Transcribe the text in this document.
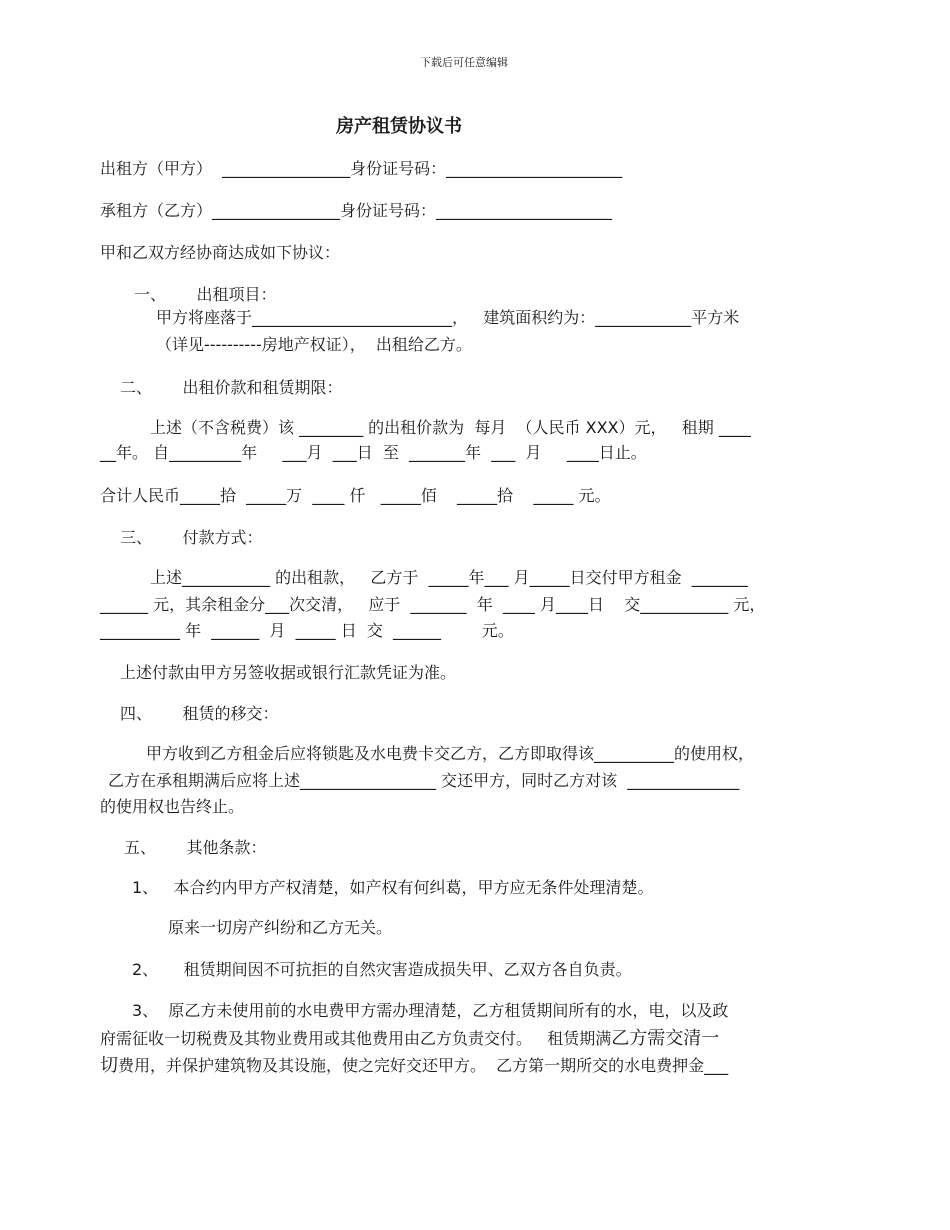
下载后可任意编辑
房产租赁协议书
出租方（甲方）  ________________身份证号码：______________________
承租方（乙方）________________身份证号码：______________________
甲和乙双方经协商达成如下协议：
一、      出租项目：
甲方将座落于_________________________，   建筑面积约为：____________平方米
（详见----------房地产权证），  出租给乙方。
二、      出租价款和租赁期限：
上述（不含税费）该 ________ 的出租价款为  每月  （人民币 XXX）元，   租期 ____
__年。 自_________年     ___月  ___日  至  _______年  ___  月     ____日止。
合计人民币_____拾  _____万  ____ 仟   _____佰    _____拾    _____ 元。
三、      付款方式：
上述___________ 的出租款，   乙方于  _____年___ 月_____日交付甲方租金  _______
______ 元，其余租金分___次交清，   应于  _______  年  ____ 月____日    交___________ 元，
__________ 年  ______  月  _____ 日  交  ______        元。
上述付款由甲方另签收据或银行汇款凭证为准。
四、      租赁的移交：
甲方收到乙方租金后应将锁匙及水电费卡交乙方，乙方即取得该__________的使用权，
乙方在承租期满后应将上述_________________ 交还甲方，同时乙方对该  ______________
的使用权也告终止。
五、      其他条款：
1、   本合约内甲方产权清楚，如产权有何纠葛，甲方应无条件处理清楚。
原来一切房产纠纷和乙方无关。
2、     租赁期间因不可抗拒的自然灾害造成损失甲、乙双方各自负责。
3、  原乙方未使用前的水电费甲方需办理清楚，乙方租赁期间所有的水，电，以及政
府需征收一切税费及其物业费用或其他费用由乙方负责交付。   租赁期满乙方需交清一
切费用，并保护建筑物及其设施，使之完好交还甲方。  乙方第一期所交的水电费押金___
